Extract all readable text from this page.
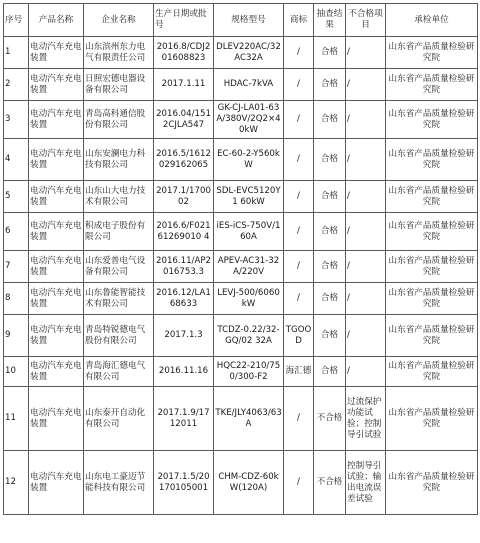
序号	产品名称	企业名称	生产日期或批号	规格型号	商标	抽查结果	不合格项目	承检单位
1	电动汽车充电装置	山东滨州东力电气有限责任公司	2016.8/CDJ201608823	DLEV220AC/32 AC32A	/	合格	/	山东省产品质量检验研究院
2	电动汽车充电装置	日照宏德电器设备有限公司	2017.1.11	HDAC-7kVA	/	合格	/	山东省产品质量检验研究院
3	电动汽车充电装置	青岛高科通信股份有限公司	2016.04/1512CJLA547	GK-CJ-LA01-63A/380V/2Q2×40kW	/	合格	/	山东省产品质量检验研究院
4	电动汽车充电装置	山东安澜电力科技有限公司	2016.5/1612029162065	EC-60-2-Y560kW	/	合格	/	山东省产品质量检验研究院
5	电动汽车充电装置	山东山大电力技术有限公司	2017.1/170002	SDL-EVC5120Y1 60kW	/	合格	/	山东省产品质量检验研究院
6	电动汽车充电装置	积成电子股份有限公司	2016.6/F02161269010 4	iES-iCS-750V/160A	/	合格	/	山东省产品质量检验研究院
7	电动汽车充电装置	山东爱普电气设备有限公司	2016.11/AP2016753.3	APEV-AC31-32A/220V	/	合格	/	山东省产品质量检验研究院
8	电动汽车充电装置	山东鲁能智能技术有限公司	2016.12/LA168633	LEVJ-500/6060kW	/	合格	/	山东省产品质量检验研究院
9	电动汽车充电装置	青岛特锐德电气股份有限公司	2017.1.3	TCDZ-0.22/32-GQ/02 32A	TGOOD	合格	/	山东省产品质量检验研究院
10	电动汽车充电装置	青岛海汇德电气有限公司	2016.11.16	HQC22-210/750/300-F2	海汇德	合格	/	山东省产品质量检验研究院
11	电动汽车充电装置	山东泰开自动化有限公司	2017.1.9/1712011	TKE/JLY4063/63A	/	不合格	过流保护功能试验；控制导引试验	山东省产品质量检验研究院
12	电动汽车充电装置	山东电工豪迈节能科技有限公司	2017.1.5/20170105001	CHM-CDZ-60kW(120A)	/	不合格	控制导引试验；输出电流误差试验	山东省产品质量检验研究院
